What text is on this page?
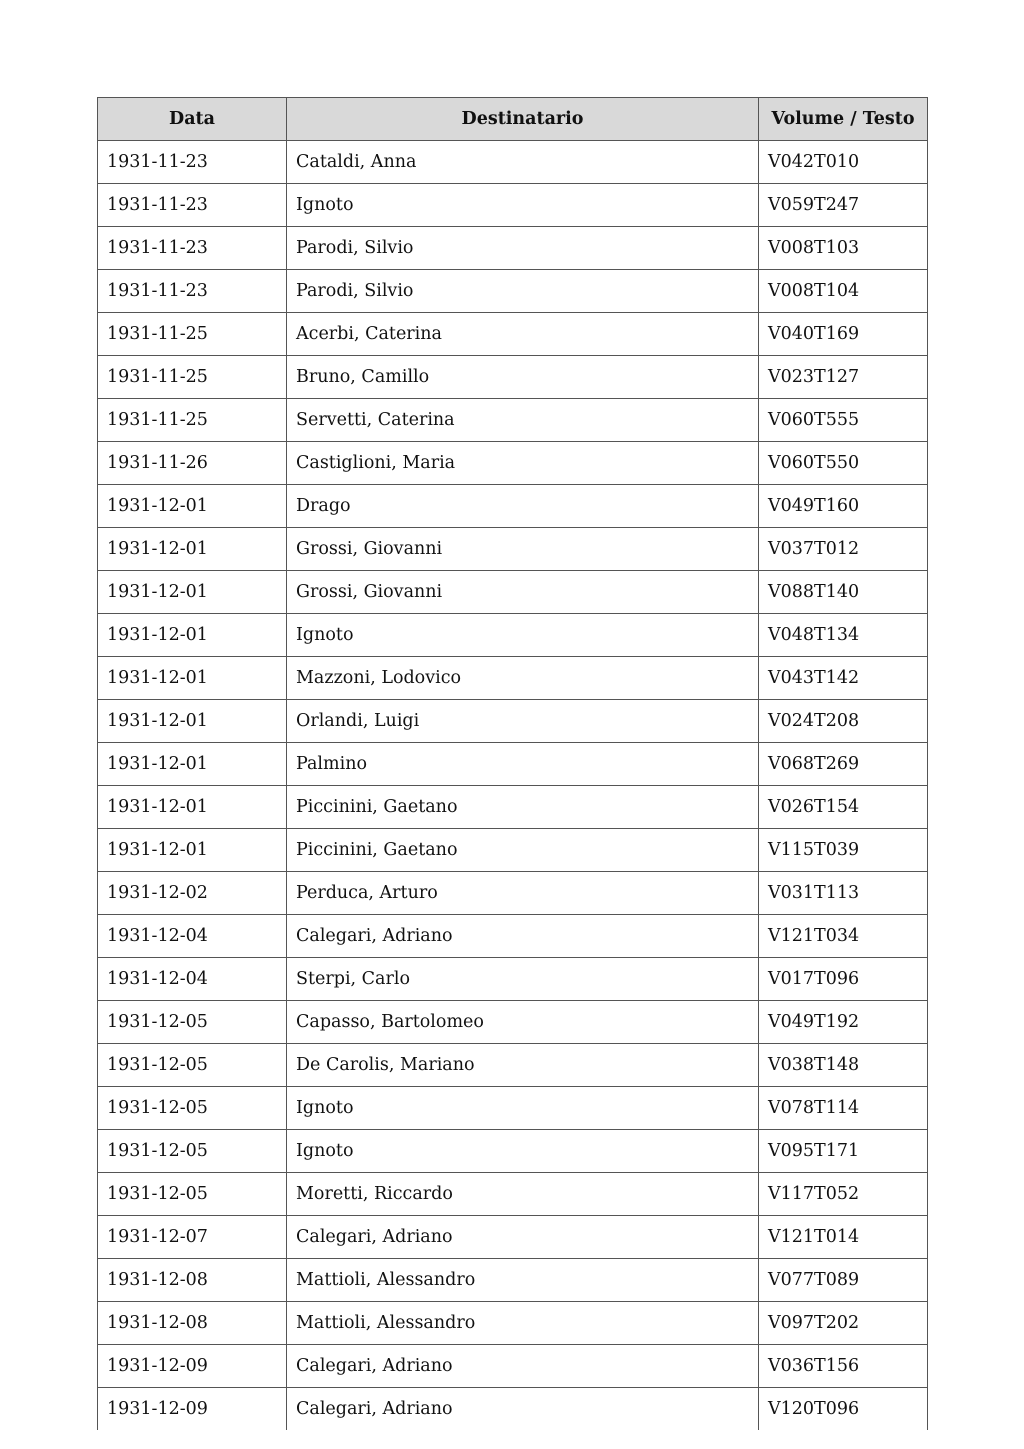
Data	Destinatario	Volume / Testo
1931-11-23	Cataldi, Anna	V042T010
1931-11-23	Ignoto	V059T247
1931-11-23	Parodi, Silvio	V008T103
1931-11-23	Parodi, Silvio	V008T104
1931-11-25	Acerbi, Caterina	V040T169
1931-11-25	Bruno, Camillo	V023T127
1931-11-25	Servetti, Caterina	V060T555
1931-11-26	Castiglioni, Maria	V060T550
1931-12-01	Drago	V049T160
1931-12-01	Grossi, Giovanni	V037T012
1931-12-01	Grossi, Giovanni	V088T140
1931-12-01	Ignoto	V048T134
1931-12-01	Mazzoni, Lodovico	V043T142
1931-12-01	Orlandi, Luigi	V024T208
1931-12-01	Palmino	V068T269
1931-12-01	Piccinini, Gaetano	V026T154
1931-12-01	Piccinini, Gaetano	V115T039
1931-12-02	Perduca, Arturo	V031T113
1931-12-04	Calegari, Adriano	V121T034
1931-12-04	Sterpi, Carlo	V017T096
1931-12-05	Capasso, Bartolomeo	V049T192
1931-12-05	De Carolis, Mariano	V038T148
1931-12-05	Ignoto	V078T114
1931-12-05	Ignoto	V095T171
1931-12-05	Moretti, Riccardo	V117T052
1931-12-07	Calegari, Adriano	V121T014
1931-12-08	Mattioli, Alessandro	V077T089
1931-12-08	Mattioli, Alessandro	V097T202
1931-12-09	Calegari, Adriano	V036T156
1931-12-09	Calegari, Adriano	V120T096
